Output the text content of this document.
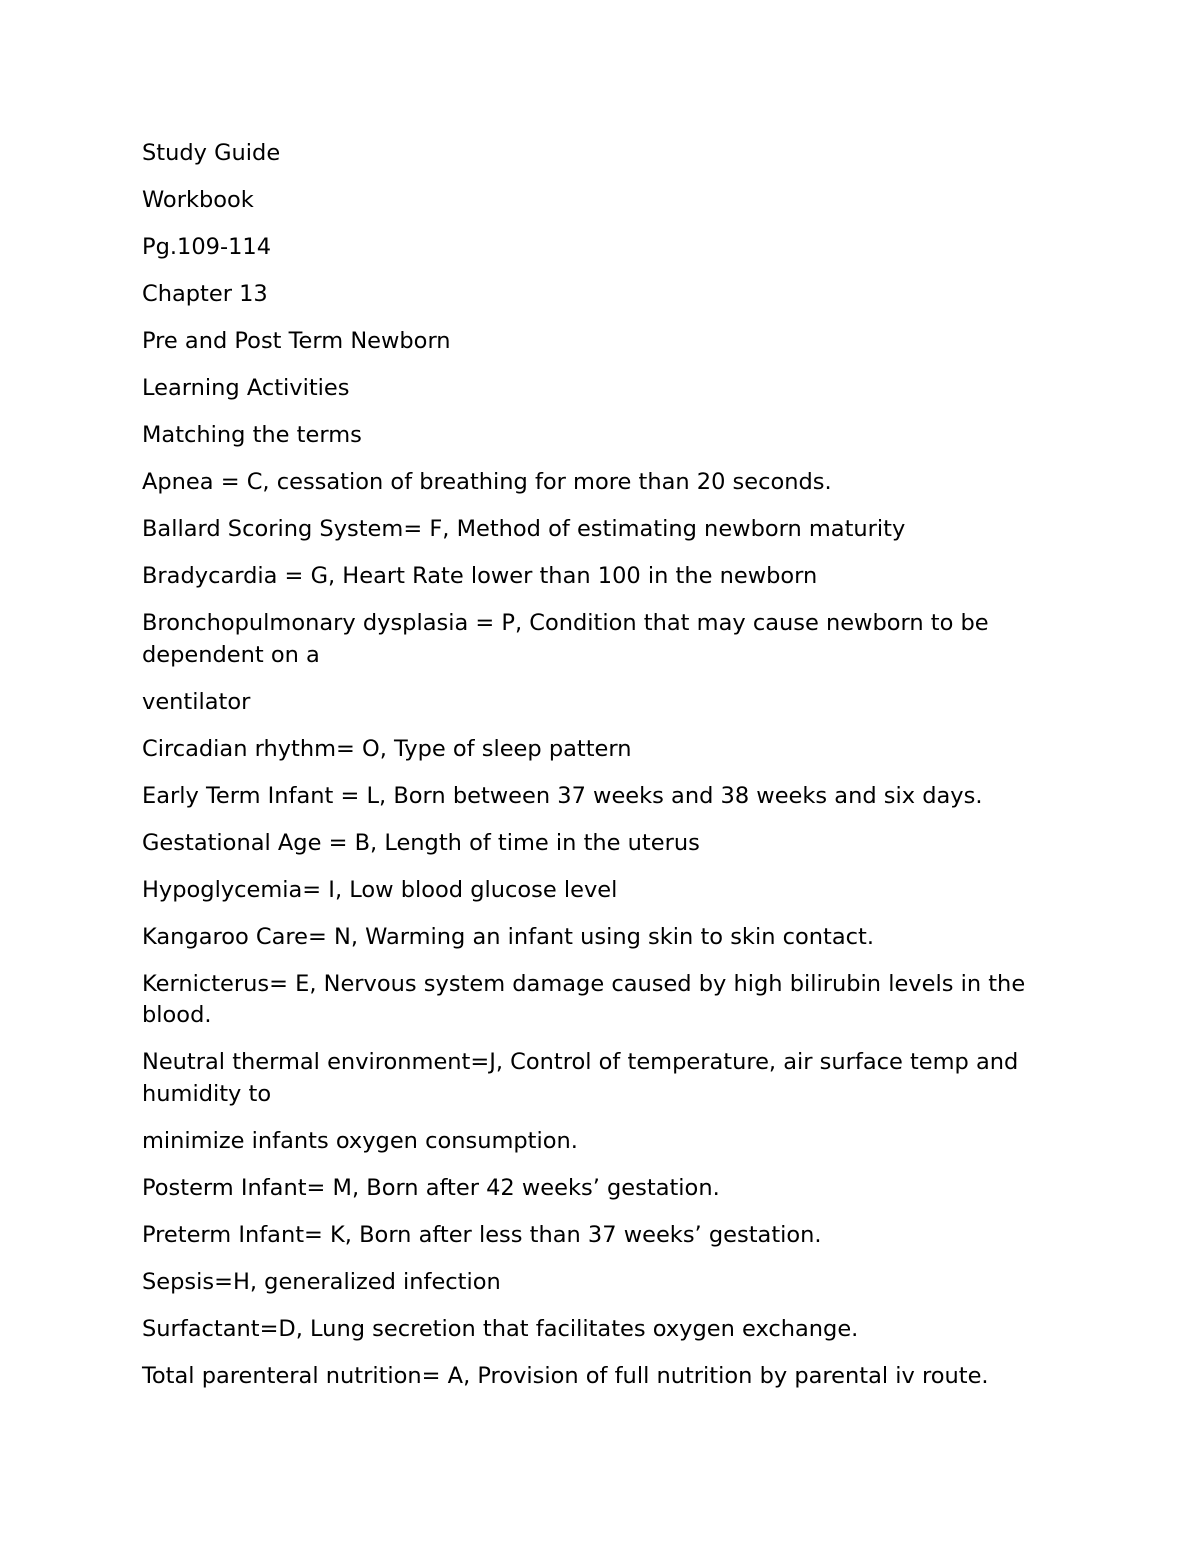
Study Guide

Workbook

Pg.109-114

Chapter 13

Pre and Post Term Newborn

Learning Activities

Matching the terms

Apnea = C, cessation of breathing for more than 20 seconds.

Ballard Scoring System= F, Method of estimating newborn maturity

Bradycardia = G, Heart Rate lower than 100 in the newborn

Bronchopulmonary dysplasia = P, Condition that may cause newborn to be dependent on a

ventilator

Circadian rhythm= O, Type of sleep pattern

Early Term Infant = L, Born between 37 weeks and 38 weeks and six days.

Gestational Age = B, Length of time in the uterus

Hypoglycemia= I, Low blood glucose level

Kangaroo Care= N, Warming an infant using skin to skin contact.

Kernicterus= E, Nervous system damage caused by high bilirubin levels in the blood.

Neutral thermal environment=J, Control of temperature, air surface temp and humidity to

minimize infants oxygen consumption.

Posterm Infant= M, Born after 42 weeks’ gestation.

Preterm Infant= K, Born after less than 37 weeks’ gestation.

Sepsis=H, generalized infection

Surfactant=D, Lung secretion that facilitates oxygen exchange.

Total parenteral nutrition= A, Provision of full nutrition by parental iv route.
